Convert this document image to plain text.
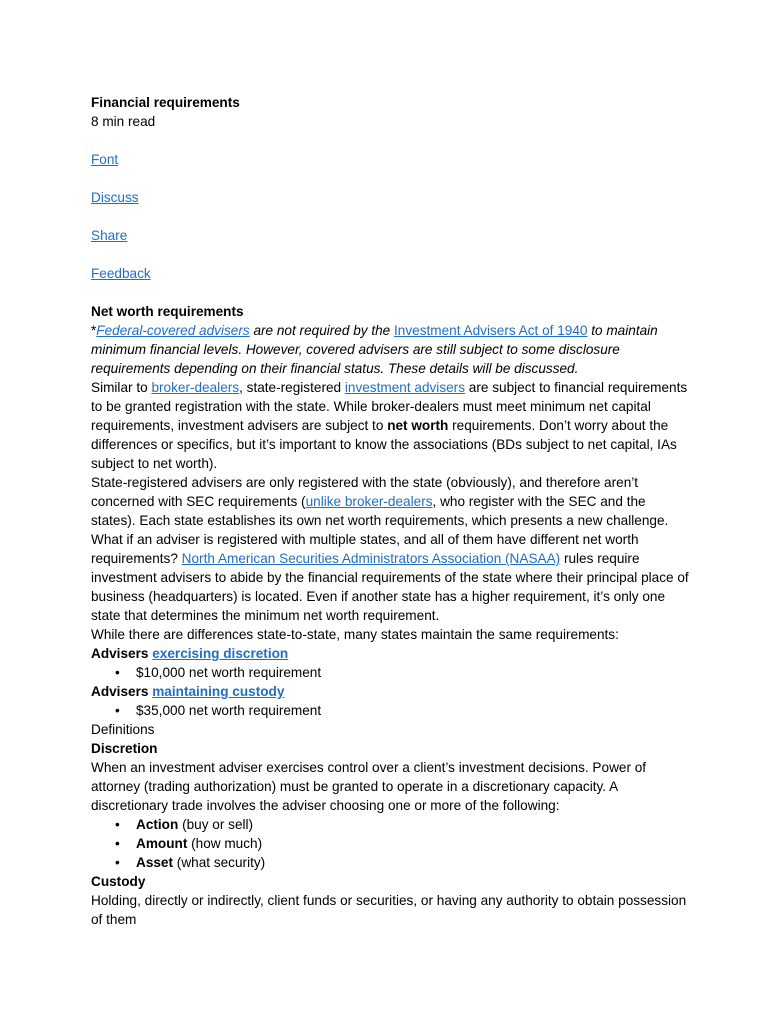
Financial requirements
8 min read
Font
Discuss
Share
Feedback
Net worth requirements
*Federal-covered advisers are not required by the Investment Advisers Act of 1940 to maintain minimum financial levels. However, covered advisers are still subject to some disclosure requirements depending on their financial status. These details will be discussed.
Similar to broker-dealers, state-registered investment advisers are subject to financial requirements to be granted registration with the state. While broker-dealers must meet minimum net capital requirements, investment advisers are subject to net worth requirements. Don’t worry about the differences or specifics, but it’s important to know the associations (BDs subject to net capital, IAs subject to net worth).
State-registered advisers are only registered with the state (obviously), and therefore aren’t concerned with SEC requirements (unlike broker-dealers, who register with the SEC and the states). Each state establishes its own net worth requirements, which presents a new challenge. What if an adviser is registered with multiple states, and all of them have different net worth requirements? North American Securities Administrators Association (NASAA) rules require investment advisers to abide by the financial requirements of the state where their principal place of business (headquarters) is located. Even if another state has a higher requirement, it’s only one state that determines the minimum net worth requirement.
While there are differences state-to-state, many states maintain the same requirements:
Advisers exercising discretion
• $10,000 net worth requirement
Advisers maintaining custody
• $35,000 net worth requirement
Definitions
Discretion
When an investment adviser exercises control over a client’s investment decisions. Power of attorney (trading authorization) must be granted to operate in a discretionary capacity. A discretionary trade involves the adviser choosing one or more of the following:
• Action (buy or sell)
• Amount (how much)
• Asset (what security)
Custody
Holding, directly or indirectly, client funds or securities, or having any authority to obtain possession of them
